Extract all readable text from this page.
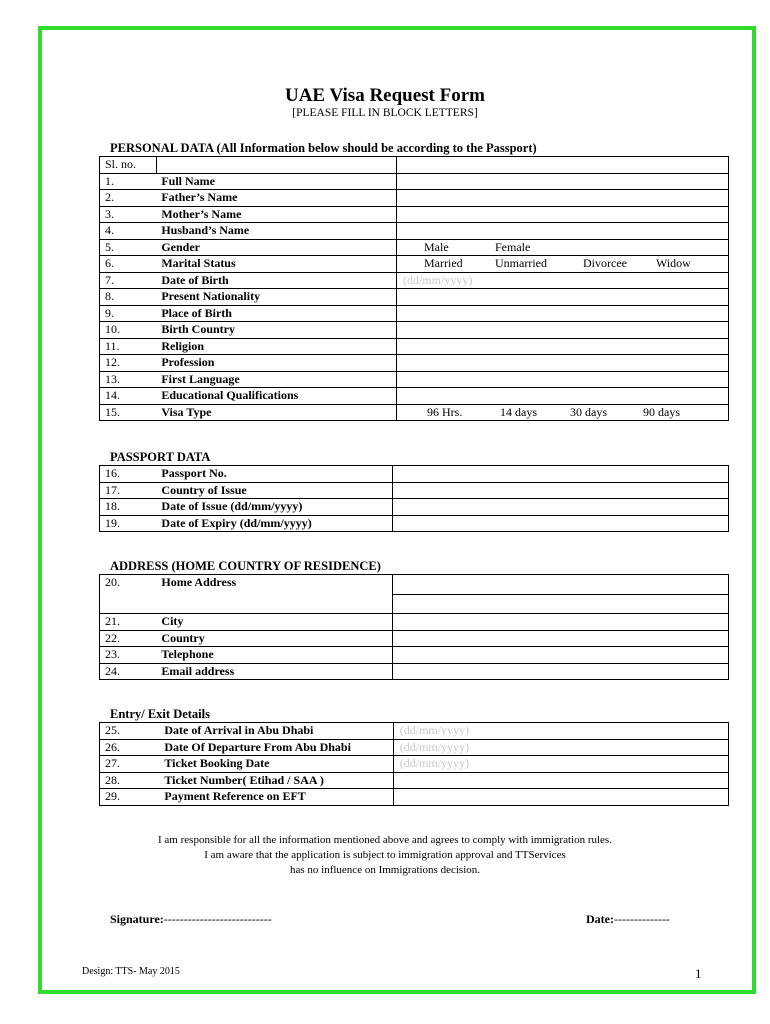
UAE Visa Request Form
[PLEASE FILL IN BLOCK LETTERS]
PERSONAL DATA (All Information below should be according to the Passport)
Sl. no.		
1.	Full Name	
2.	Father’s Name	
3.	Mother’s Name	
4.	Husband’s Name	
5.	Gender	Male Female

6.	Marital Status	Married Unmarried Divorcee Widow

7.	Date of Birth	(dd/mm/yyyy)
8.	Present Nationality	
9.	Place of Birth	
10.	Birth Country	
11.	Religion	
12.	Profession	
13.	First Language	
14.	Educational Qualifications	
15.	Visa Type	96 Hrs. 14 days 30 days 90 days
PASSPORT DATA
16.	Passport No.	
17.	Country of Issue	
18.	Date of Issue (dd/mm/yyyy)	
19.	Date of Expiry (dd/mm/yyyy)	
ADDRESS (HOME COUNTRY OF RESIDENCE)
20.	Home Address	

21.	City	
22.	Country	
23.	Telephone	
24.	Email address	
Entry/ Exit Details
25.	Date of Arrival in Abu Dhabi	(dd/mm/yyyy)
26.	Date Of Departure From Abu Dhabi	(dd/mm/yyyy)
27.	Ticket Booking Date	(dd/mm/yyyy)
28.	Ticket Number( Etihad / SAA )	
29.	Payment Reference on EFT	
I am responsible for all the information mentioned above and agrees to comply with immigration rules.
I am aware that the application is subject to immigration approval and TTServices
has no influence on Immigrations decision.
Signature:---------------------------	Date:--------------
Design: TTS- May 2015	1
